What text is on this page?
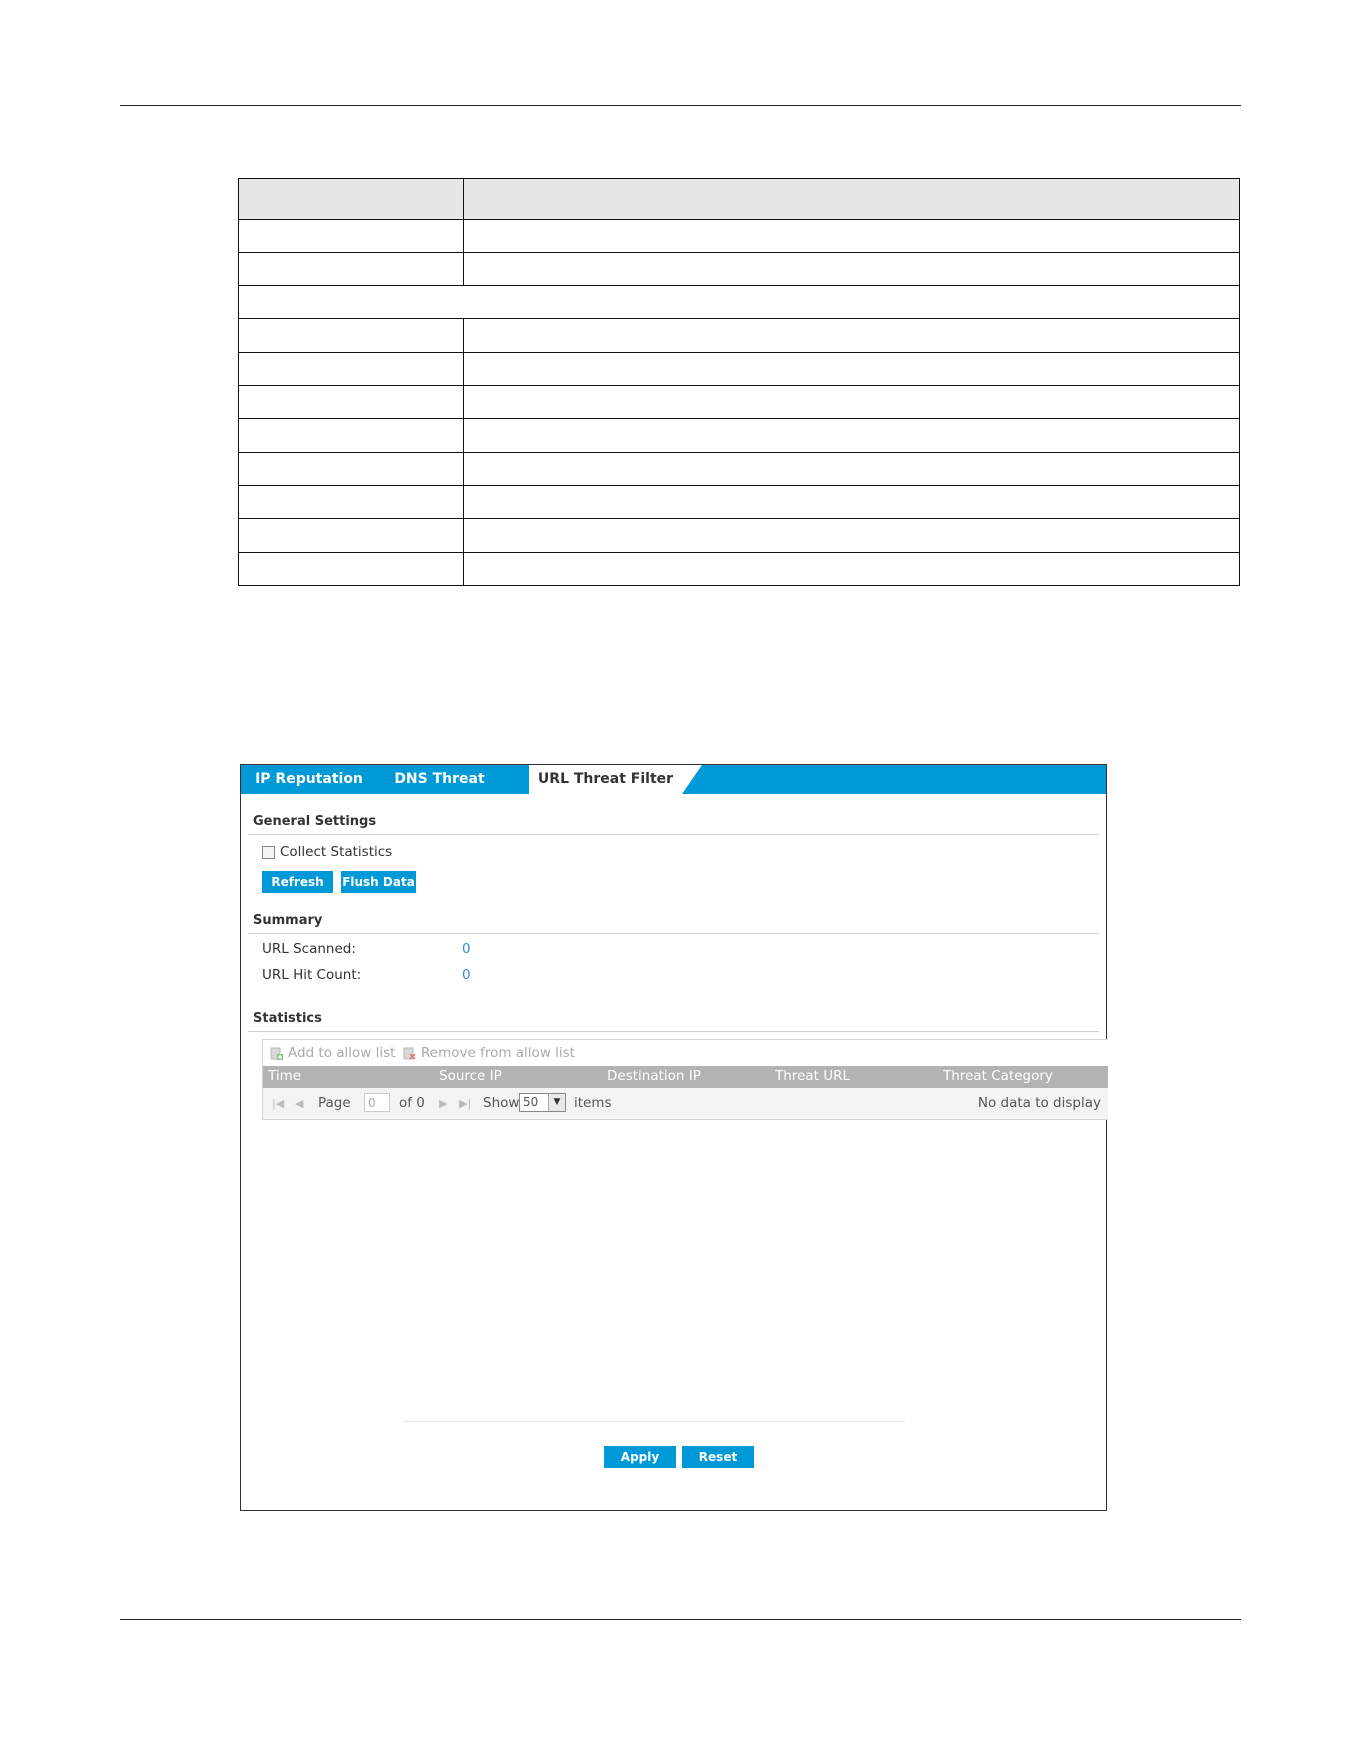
IP Reputation	DNS Threat Filter
URL Threat Filter
General Settings
Collect Statistics
Refresh	Flush Data
Summary
URL Scanned:	0
URL Hit Count:	0
Statistics
Add to allow list Remove from allow list
Time	Source IP	Destination IP	Threat URL	Threat Category
|◀ ◀ Page	0	of 0 ▶ ▶| Show 50	▼	items	No data to display
Apply	Reset
